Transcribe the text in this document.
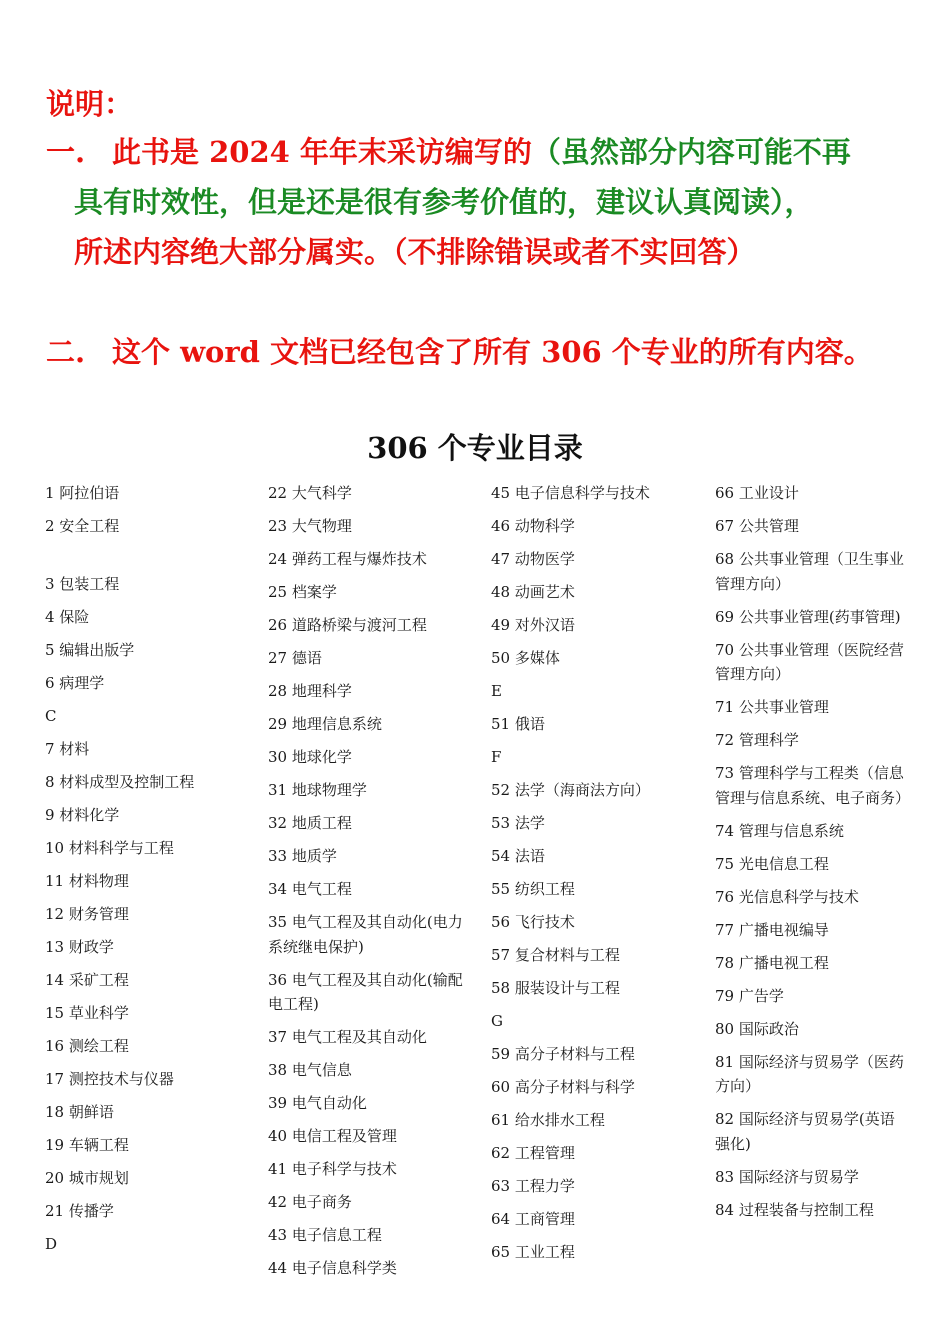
说明：
一. 此书是 2024 年年末采访编写的（虽然部分内容可能不再
具有时效性，但是还是很有参考价值的，建议认真阅读），
所述内容绝大部分属实。（不排除错误或者不实回答）
二. 这个 word 文档已经包含了所有 306 个专业的所有内容。
306 个专业目录
1 阿拉伯语
2 安全工程
3 包装工程
4 保险
5 编辑出版学
6 病理学
C
7 材料
8 材料成型及控制工程
9 材料化学
10 材料科学与工程
11 材料物理
12 财务管理
13 财政学
14 采矿工程
15 草业科学
16 测绘工程
17 测控技术与仪器
18 朝鲜语
19 车辆工程
20 城市规划
21 传播学
D
22 大气科学
23 大气物理
24 弹药工程与爆炸技术
25 档案学
26 道路桥梁与渡河工程
27 德语
28 地理科学
29 地理信息系统
30 地球化学
31 地球物理学
32 地质工程
33 地质学
34 电气工程
35 电气工程及其自动化(电力系统继电保护)
36 电气工程及其自动化(输配电工程)
37 电气工程及其自动化
38 电气信息
39 电气自动化
40 电信工程及管理
41 电子科学与技术
42 电子商务
43 电子信息工程
44 电子信息科学类
45 电子信息科学与技术
46 动物科学
47 动物医学
48 动画艺术
49 对外汉语
50 多媒体
E
51 俄语
F
52 法学（海商法方向）
53 法学
54 法语
55 纺织工程
56 飞行技术
57 复合材料与工程
58 服装设计与工程
G
59 高分子材料与工程
60 高分子材料与科学
61 给水排水工程
62 工程管理
63 工程力学
64 工商管理
65 工业工程
66 工业设计
67 公共管理
68 公共事业管理（卫生事业管理方向）
69 公共事业管理(药事管理)
70 公共事业管理（医院经营管理方向）
71 公共事业管理
72 管理科学
73 管理科学与工程类（信息管理与信息系统、电子商务）
74 管理与信息系统
75 光电信息工程
76 光信息科学与技术
77 广播电视编导
78 广播电视工程
79 广告学
80 国际政治
81 国际经济与贸易学（医药方向）
82 国际经济与贸易学(英语强化)
83 国际经济与贸易学
84 过程装备与控制工程
